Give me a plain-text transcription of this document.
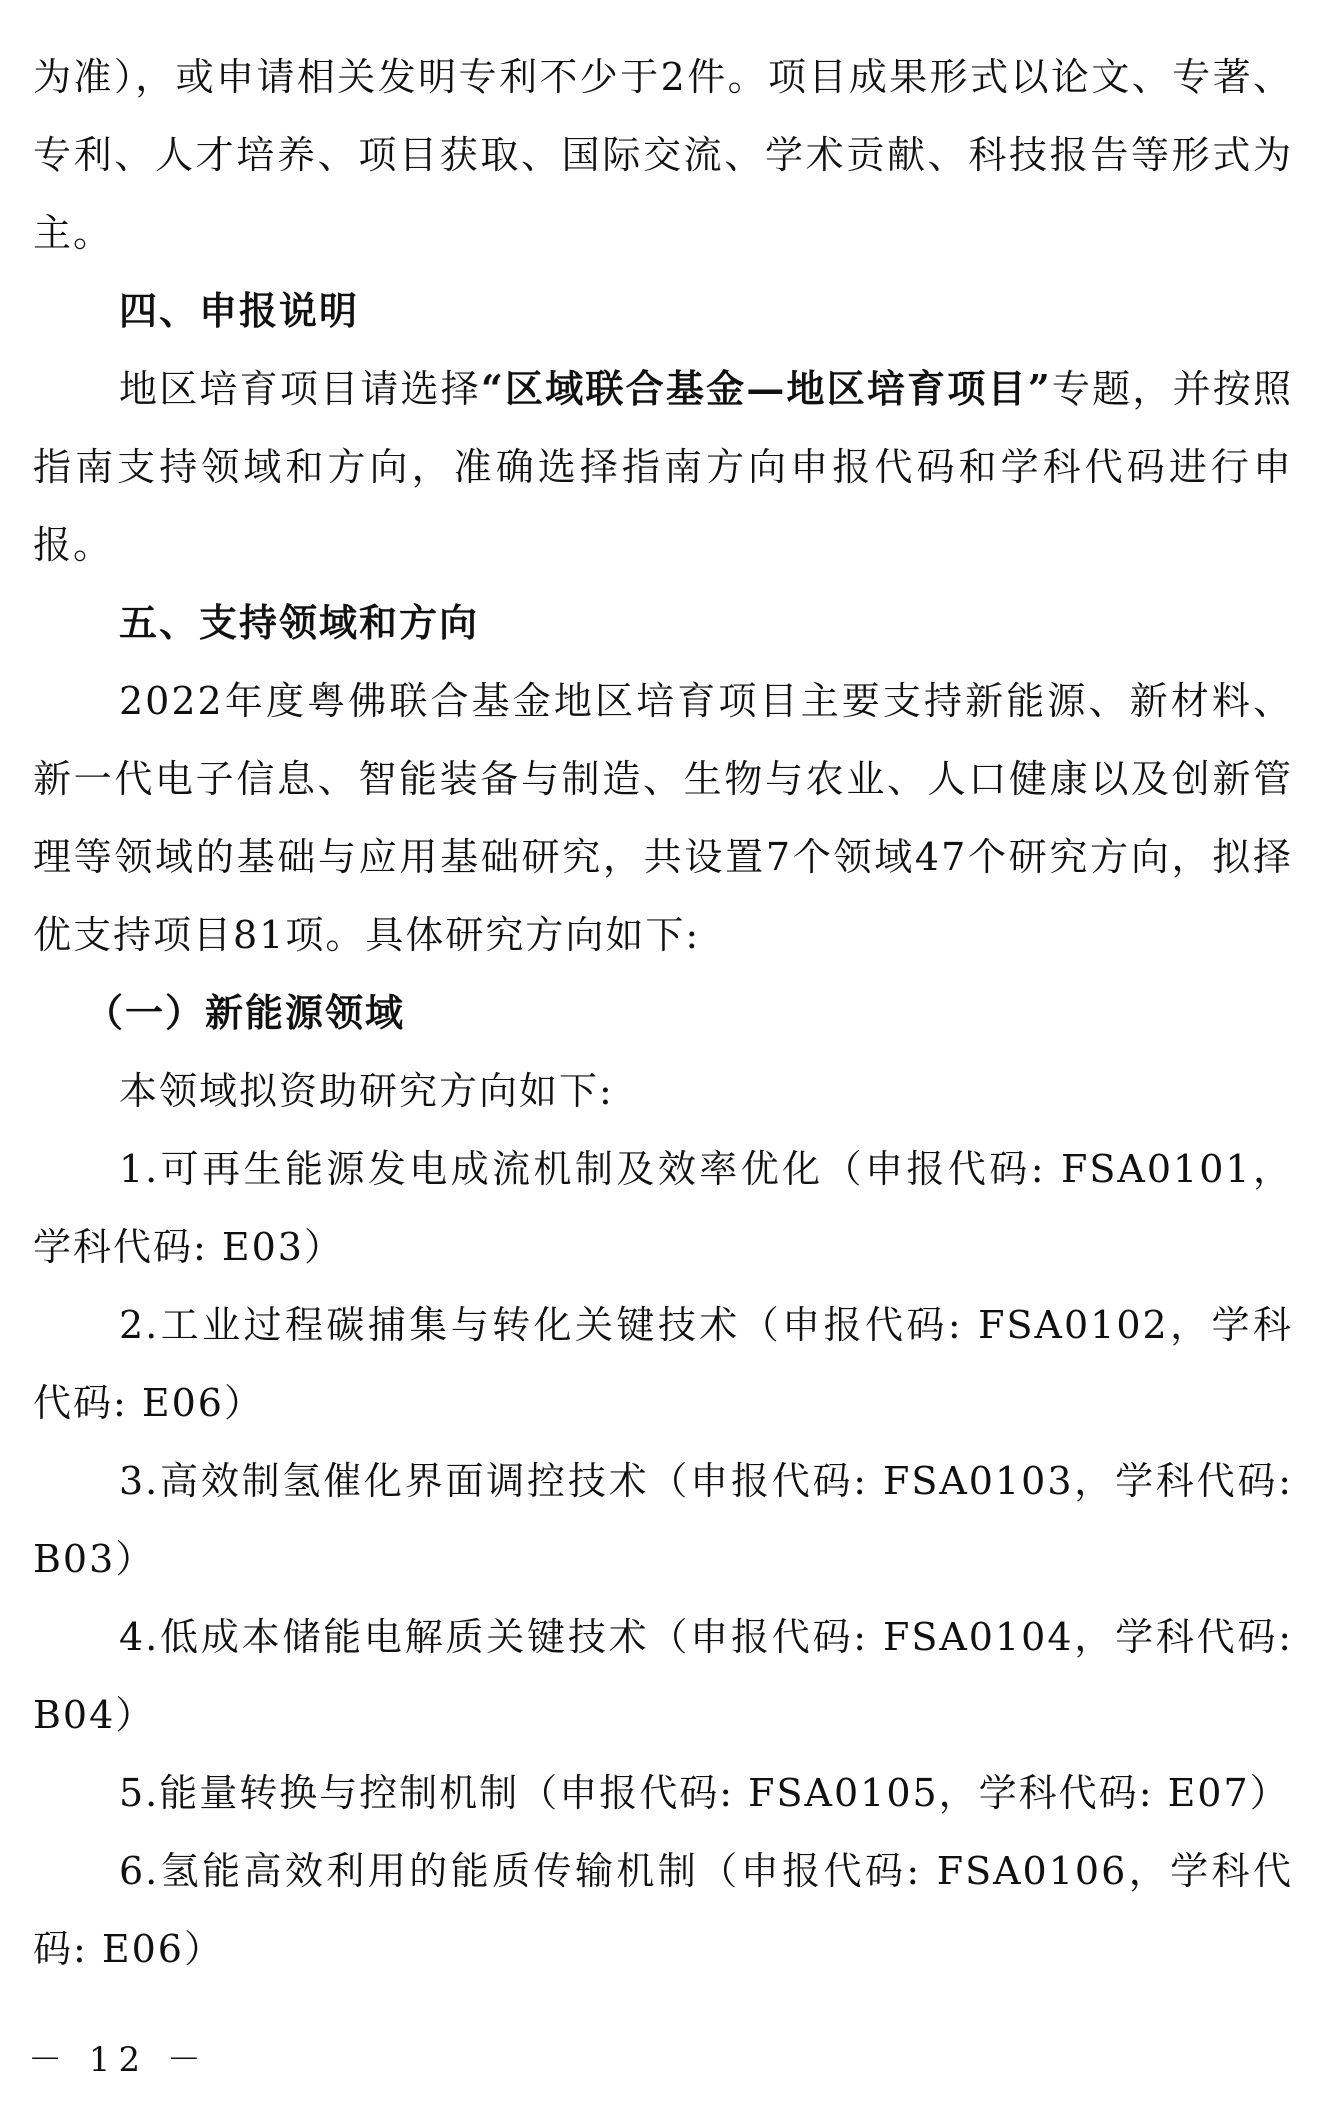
为准），或申请相关发明专利不少于2件。项目成果形式以论文、专著、专利、人才培养、项目获取、国际交流、学术贡献、科技报告等形式为主。

四、申报说明

地区培育项目请选择“区域联合基金—地区培育项目”专题，并按照指南支持领域和方向，准确选择指南方向申报代码和学科代码进行申报。

五、支持领域和方向

2022年度粤佛联合基金地区培育项目主要支持新能源、新材料、新一代电子信息、智能装备与制造、生物与农业、人口健康以及创新管理等领域的基础与应用基础研究，共设置7个领域47个研究方向，拟择优支持项目81项。具体研究方向如下:

（一）新能源领域

本领域拟资助研究方向如下:

1.可再生能源发电成流机制及效率优化（申报代码: FSA0101，学科代码: E03）

2.工业过程碳捕集与转化关键技术（申报代码: FSA0102，学科代码: E06）

3.高效制氢催化界面调控技术（申报代码: FSA0103，学科代码: B03）

4.低成本储能电解质关键技术（申报代码: FSA0104，学科代码: B04）

5.能量转换与控制机制（申报代码: FSA0105，学科代码: E07）

6.氢能高效利用的能质传输机制（申报代码: FSA0106，学科代码: E06）

－ 12 －
